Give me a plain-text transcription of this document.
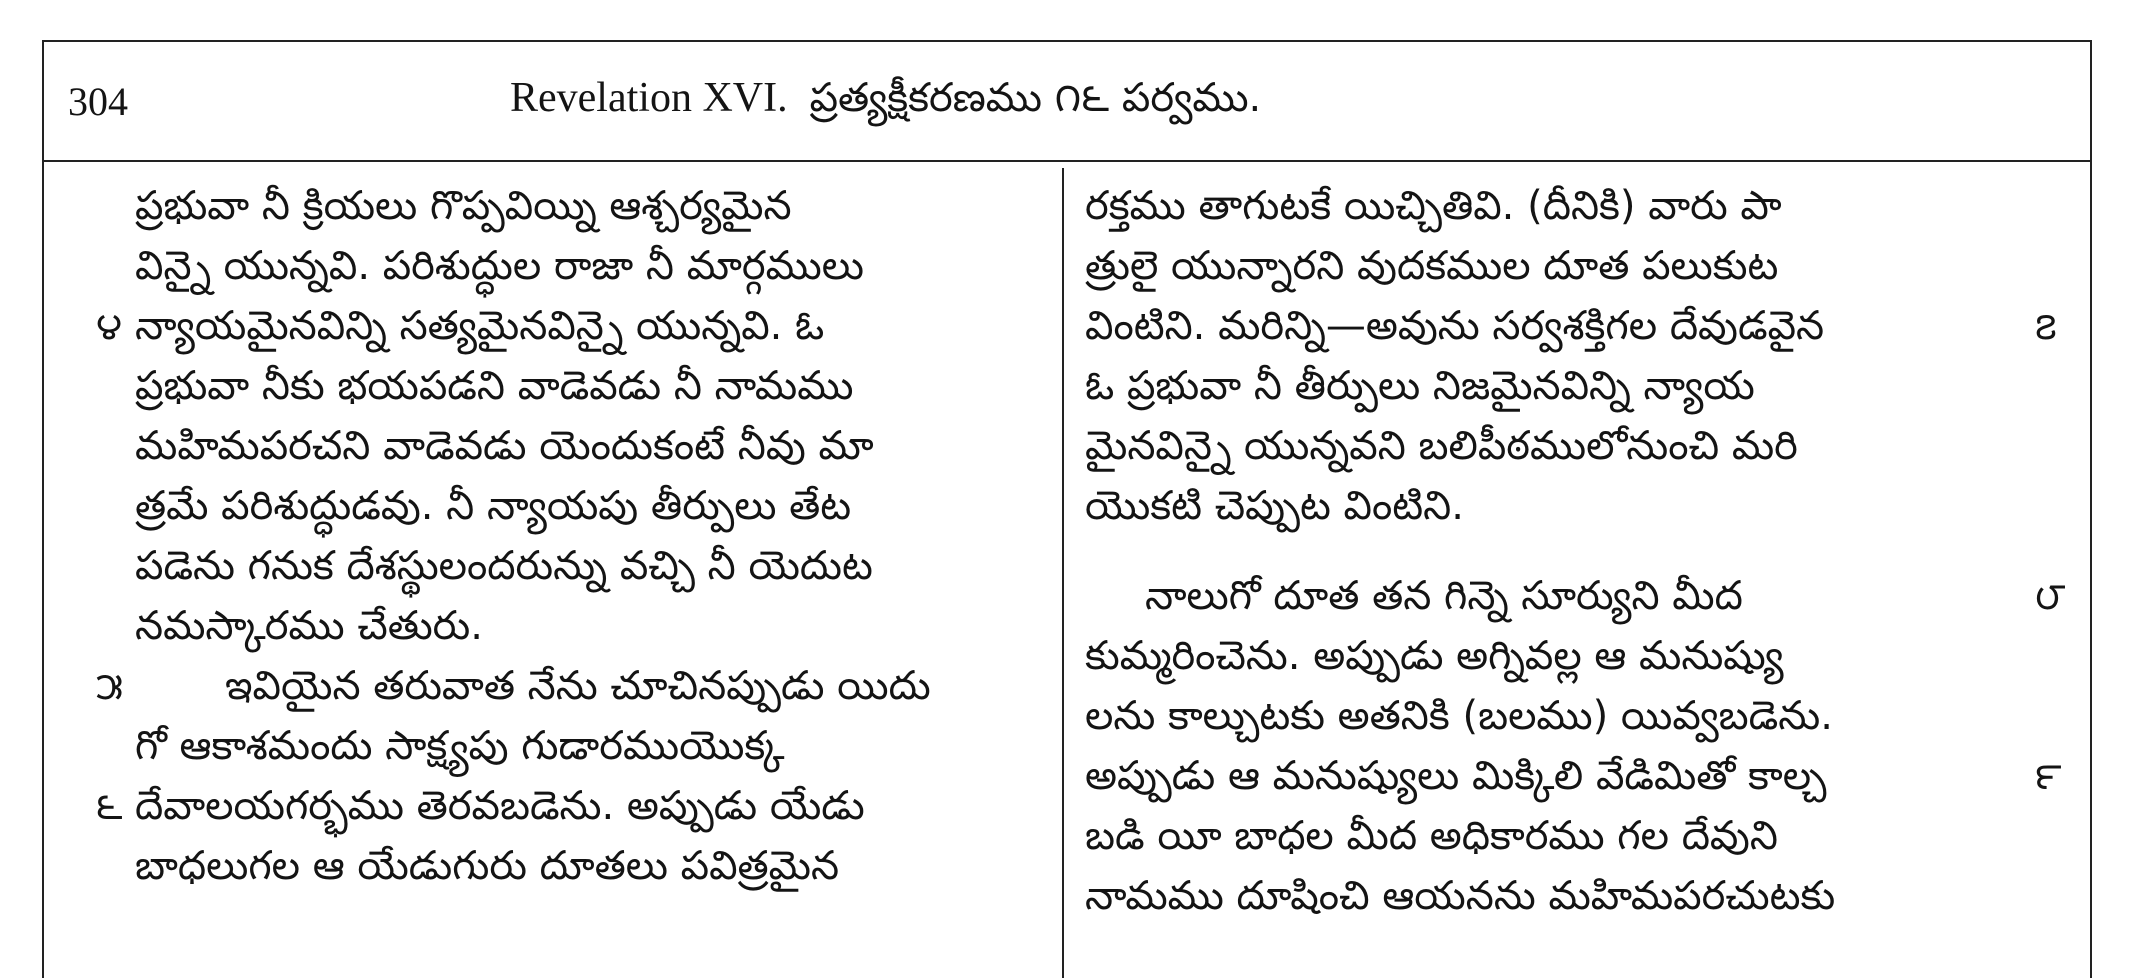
304	Revelation XVI. ప్రత్యక్షీకరణము ౧౬ పర్వము.
ప్రభువా నీ క్రియలు గొప్పవియ్ని ఆశ్చర్యమైన
విన్నై యున్నవి. పరిశుద్ధుల రాజా నీ మార్గములు
న్యాయమైనవిన్ని సత్యమైనవిన్నై యున్నవి. ఓ
ప్రభువా నీకు భయపడని వాడెవడు నీ నామము
మహిమపరచని వాడెవడు యెందుకంటే నీవు మా
త్రమే పరిశుద్ధుడవు. నీ న్యాయపు తీర్పులు తేట
పడెను గనుక దేశస్థులందరున్ను వచ్చి నీ యెదుట
నమస్కారము చేతురు.
ఇవియైన తరువాత నేను చూచినప్పుడు యిదు
గో ఆకాశమందు సాక్ష్యపు గుడారముయొక్క
దేవాలయగర్భము తెరవబడెను. అప్పుడు యేడు
బాధలుగల ఆ యేడుగురు దూతలు పవిత్రమైన
౪
౫
౬
రక్తము తాగుటకే యిచ్చితివి. (దీనికి) వారు పా
త్రులై యున్నారని వుదకముల దూత పలుకుట
వింటిని. మరిన్ని—అవును సర్వశక్తిగల దేవుడవైన
ఓ ప్రభువా నీ తీర్పులు నిజమైనవిన్ని న్యాయ
మైనవిన్నై యున్నవని బలిపీఠములోనుంచి మరి
యొకటి చెప్పుట వింటిని.
నాలుగో దూత తన గిన్నె సూర్యుని మీద
కుమ్మరించెను. అప్పుడు అగ్నివల్ల ఆ మనుష్యు
లను కాల్చుటకు అతనికి (బలము) యివ్వబడెను.
అప్పుడు ఆ మనుష్యులు మిక్కిలి వేడిమితో కాల్చ
బడి యీ బాధల మీద అధికారము గల దేవుని
నామము దూషించి ఆయనను మహిమపరచుటకు
౭
౮
౯
